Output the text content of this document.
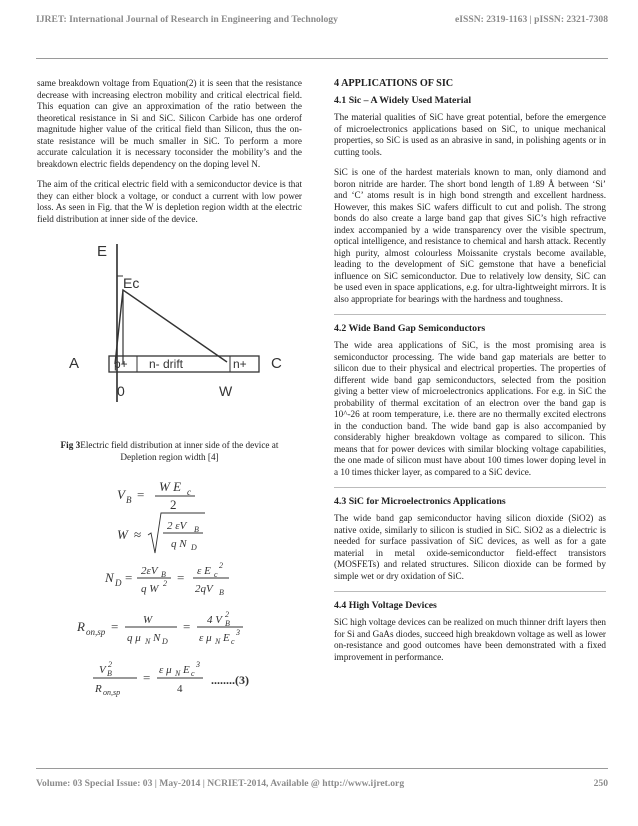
IJRET: International Journal of Research in Engineering and Technology	eISSN: 2319-1163 | pISSN: 2321-7308

same breakdown voltage from Equation(2) it is seen that the resistance decrease with increasing electron mobility and critical electrical field. This equation can give an approximation of the ratio between the theoretical resistance in Si and SiC. Silicon Carbide has one orderof magnitude higher value of the critical field than Silicon, thus the on-state resistance will be much smaller in SiC. To perform a more accurate calculation it is necessary toconsider the mobility’s and the breakdown electric fields dependency on the doping level N.

The aim of the critical electric field with a semiconductor device is that they can either block a voltage, or conduct a current with low power loss. As seen in Fig. that the W is depletion region width at the electric field distribution at inner side of the device.

E
Ec
p+ n- drift	n+
A	C
0	W
Fig 3Electric field distribution at inner side of the device at Depletion region width [4]
V B =
W E c
2
W ≈
2 εV B
q N D
N D = 2εV B
q W 2 = ε E c
2
2qV B
R on,sp = W
q μ N N D
= 4 V B
2
ε μ N E c
3
V B
2
R on,sp
= ε μ N E c
3
4
........(3)
4 APPLICATIONS OF SIC
4.1 Sic – A Widely Used Material

The material qualities of SiC have great potential, before the emergence of microelectronics applications based on SiC, to unique mechanical properties, so SiC is used as an abrasive in sand, in polishing agents or in cutting tools.

SiC is one of the hardest materials known to man, only diamond and boron nitride are harder. The short bond length of 1.89 Å between ‘Si’ and ‘C’ atoms result is in high bond strength and excellent hardness. However, this makes SiC wafers difficult to cut and polish. The strong bonds do also create a large band gap that gives SiC’s high refractive index accompanied by a wide transparency over the visible spectrum, optical intelligence, and resistance to chemical and harsh attack. Recently high purity, almost colourless Moissanite crystals become available, leading to the development of SiC gemstone that have a beneficial influence on SiC semiconductor. Due to relatively low density, SiC can be used even in space applications, e.g. for ultra-lightweight mirrors. It is also appropriate for bearings with the hardness and toughness.

4.2 Wide Band Gap Semiconductors

The wide area applications of SiC, is the most promising area is semiconductor processing. The wide band gap materials are better to silicon due to their physical and electrical properties. The properties of different wide band gap semiconductors, selected from the position giving a better view of microelectronics applications. For e.g. in SiC the probability of thermal excitation of an electron over the band gap is 10^-26 at room temperature, i.e. there are no thermally excited electrons in the conduction band. The wide band gap is also accompanied by considerably higher breakdown voltage as compared to silicon. This means that for power devices with similar blocking voltage capabilities, the one made of silicon must have about 100 times lower doping level in a 10 times thicker layer, as compared to a SiC device.

4.3 SiC for Microelectronics Applications

The wide band gap semiconductor having silicon dioxide (SiO2) as native oxide, similarly to silicon is studied in SiC. SiO2 as a dielectric is needed for surface passivation of SiC devices, as well as for a gate material in metal oxide-semiconductor field-effect transistors (MOSFETs) and related structures. Silicon dioxide can be formed by simple wet or dry oxidation of SiC.

4.4 High Voltage Devices

SiC high voltage devices can be realized on much thinner drift layers then for Si and GaAs diodes, succeed high breakdown voltage as well as lower on-resistance and good outcomes have been demonstrated with a fixed improvement in performance.

Volume: 03 Special Issue: 03 | May-2014 | NCRIET-2014, Available @ http://www.ijret.org	250
